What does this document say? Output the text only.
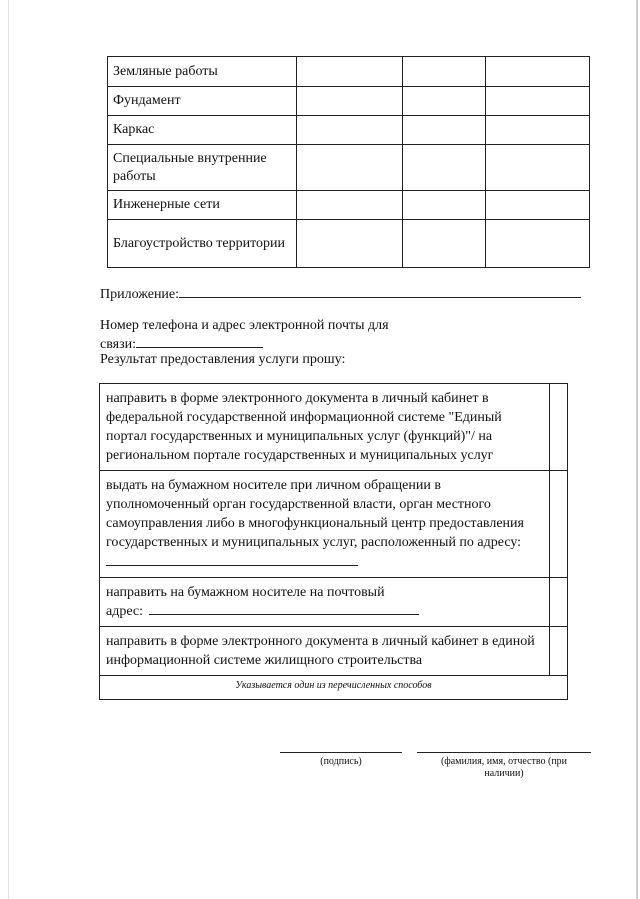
Земляные работы			
Фундамент			
Каркас			
Специальные внутренние работы			
Инженерные сети			
Благоустройство территории			
Приложение:
Номер телефона и адрес электронной почты для
связи:
Результат предоставления услуги прошу:
направить в форме электронного документа в личный кабинет в федеральной государственной информационной системе "Единый портал государственных и муниципальных услуг (функций)"/ на региональном портале государственных и муниципальных услуг	
выдать на бумажном носителе при личном обращении в уполномоченный орган государственной власти, орган местного самоуправления либо в многофункциональный центр предоставления государственных и муниципальных услуг, расположенный по адресу:	
направить на бумажном носителе на почтовый адрес:	
направить в форме электронного документа в личный кабинет в единой информационной системе жилищного строительства	
Указывается один из перечисленных способов	
(подпись)	(фамилия, имя, отчество (при наличии)
